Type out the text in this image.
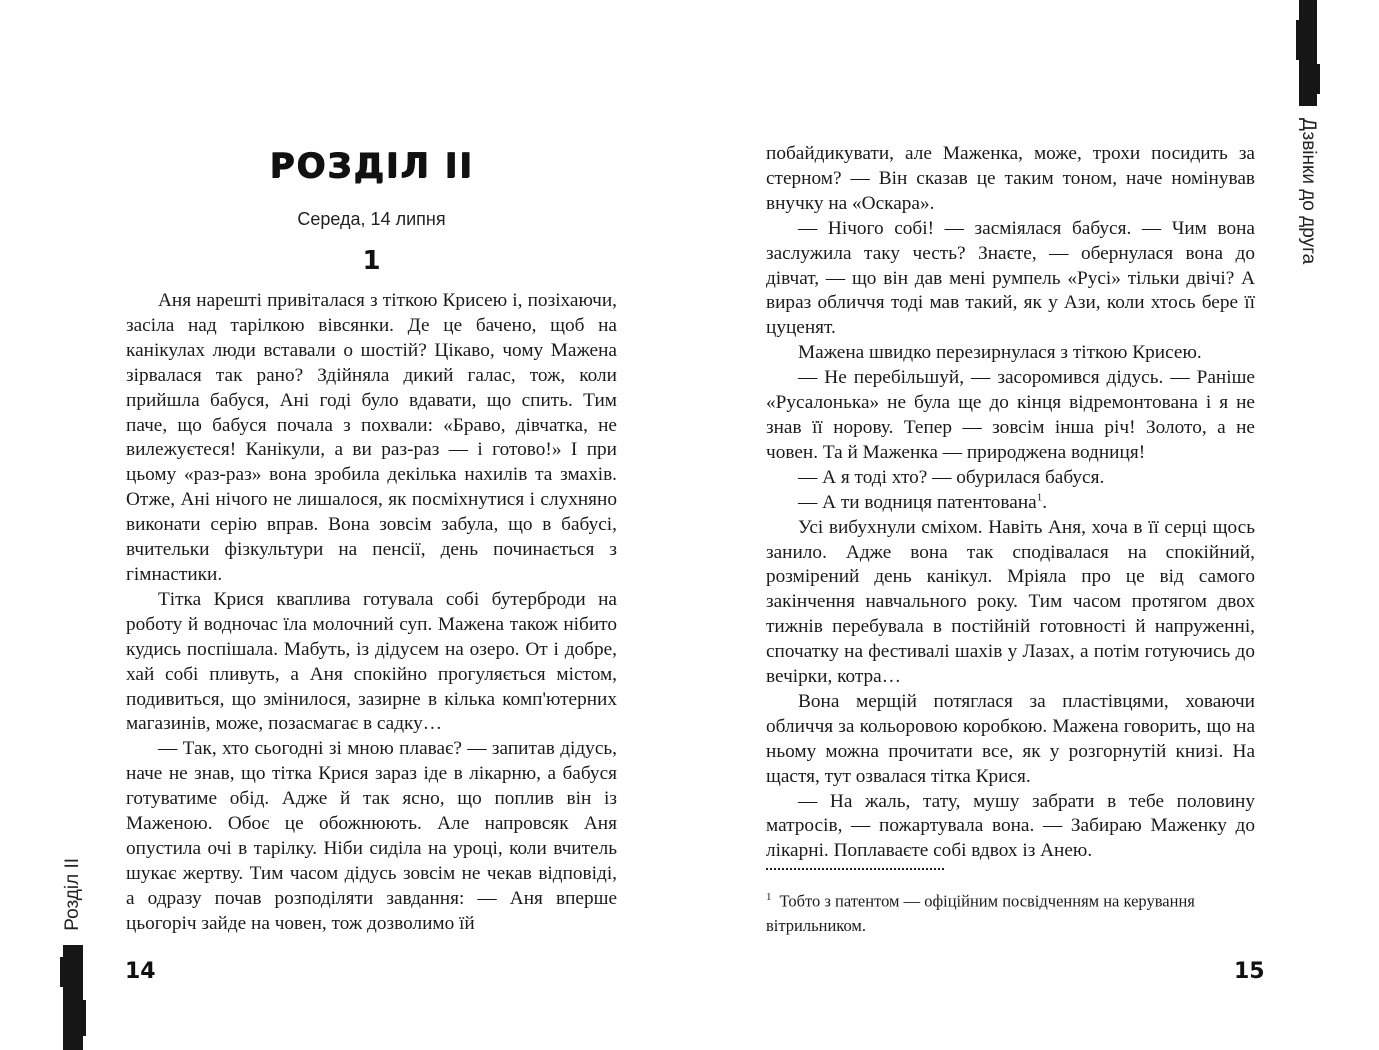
Розділ II
РОЗДІЛ II
Середа, 14 липня
1

Аня нарешті привіталася з тіткою Крисею і, позіхаючи, засіла над тарілкою вівсянки. Де це бачено, щоб на канікулах люди вставали о шостій? Цікаво, чому Мажена зірвалася так рано? Здійняла дикий галас, тож, коли прийшла бабуся, Ані годі було вдавати, що спить. Тим паче, що бабуся почала з похвали: «Браво, дівчатка, не вилежуєтеся! Канікули, а ви раз-раз — і готово!» І при цьому «раз-раз» вона зробила декілька нахилів та змахів. Отже, Ані нічого не лишалося, як посміхнутися і слухняно виконати серію вправ. Вона зовсім забула, що в бабусі, вчительки фізкультури на пенсії, день починається з гімнастики.

Тітка Крися кваплива готувала собі бутерброди на роботу й водночас їла молочний суп. Мажена також нібито кудись поспішала. Мабуть, із дідусем на озеро. От і добре, хай собі пливуть, а Аня спокійно прогуляється містом, подивиться, що змінилося, зазирне в кілька комп'ютерних магазинів, може, позасмагає в садку…

— Так, хто сьогодні зі мною плаває? — запитав дідусь, наче не знав, що тітка Крися зараз іде в лікарню, а бабуся готуватиме обід. Адже й так ясно, що поплив він із Маженою. Обоє це обожнюють. Але напровсяк Аня опустила очі в тарілку. Ніби сиділа на уроці, коли вчитель шукає жертву. Тим часом дідусь зовсім не чекав відповіді, а одразу почав розподіляти завдання: — Аня вперше цьогоріч зайде на човен, тож дозволимо їй

14
Дзвінки до друга

побайдикувати, але Маженка, може, трохи посидить за стерном? — Він сказав це таким тоном, наче номінував внучку на «Оскара».

— Нічого собі! — засміялася бабуся. — Чим вона заслужила таку честь? Знаєте, — обернулася вона до дівчат, — що він дав мені румпель «Русі» тільки двічі? А вираз обличчя тоді мав такий, як у Ази, коли хтось бере її цуценят.

Мажена швидко перезирнулася з тіткою Крисею.

— Не перебільшуй, — засоромився дідусь. — Раніше «Русалонька» не була ще до кінця відремонтована і я не знав її норову. Тепер — зовсім інша річ! Золото, а не човен. Та й Маженка — природжена водниця!

— А я тоді хто? — обурилася бабуся.

— А ти водниця патентована$^1$.

Усі вибухнули сміхом. Навіть Аня, хоча в її серці щось занило. Адже вона так сподівалася на спокійний, розмірений день канікул. Мріяла про це від самого закінчення навчального року. Тим часом протягом двох тижнів перебувала в постійній готовності й напруженні, спочатку на фестивалі шахів у Лазах, а потім готуючись до вечірки, котра…

Вона мерщій потяглася за пластівцями, ховаючи обличчя за кольоровою коробкою. Мажена говорить, що на ньому можна прочитати все, як у розгорнутій книзі. На щастя, тут озвалася тітка Крися.

— На жаль, тату, мушу забрати в тебе половину матросів, — пожартувала вона. — Забираю Маженку до лікарні. Поплаваєте собі вдвох із Анею.

$^1$ Тобто з патентом — офіційним посвідченням на керування вітрильником.

15
